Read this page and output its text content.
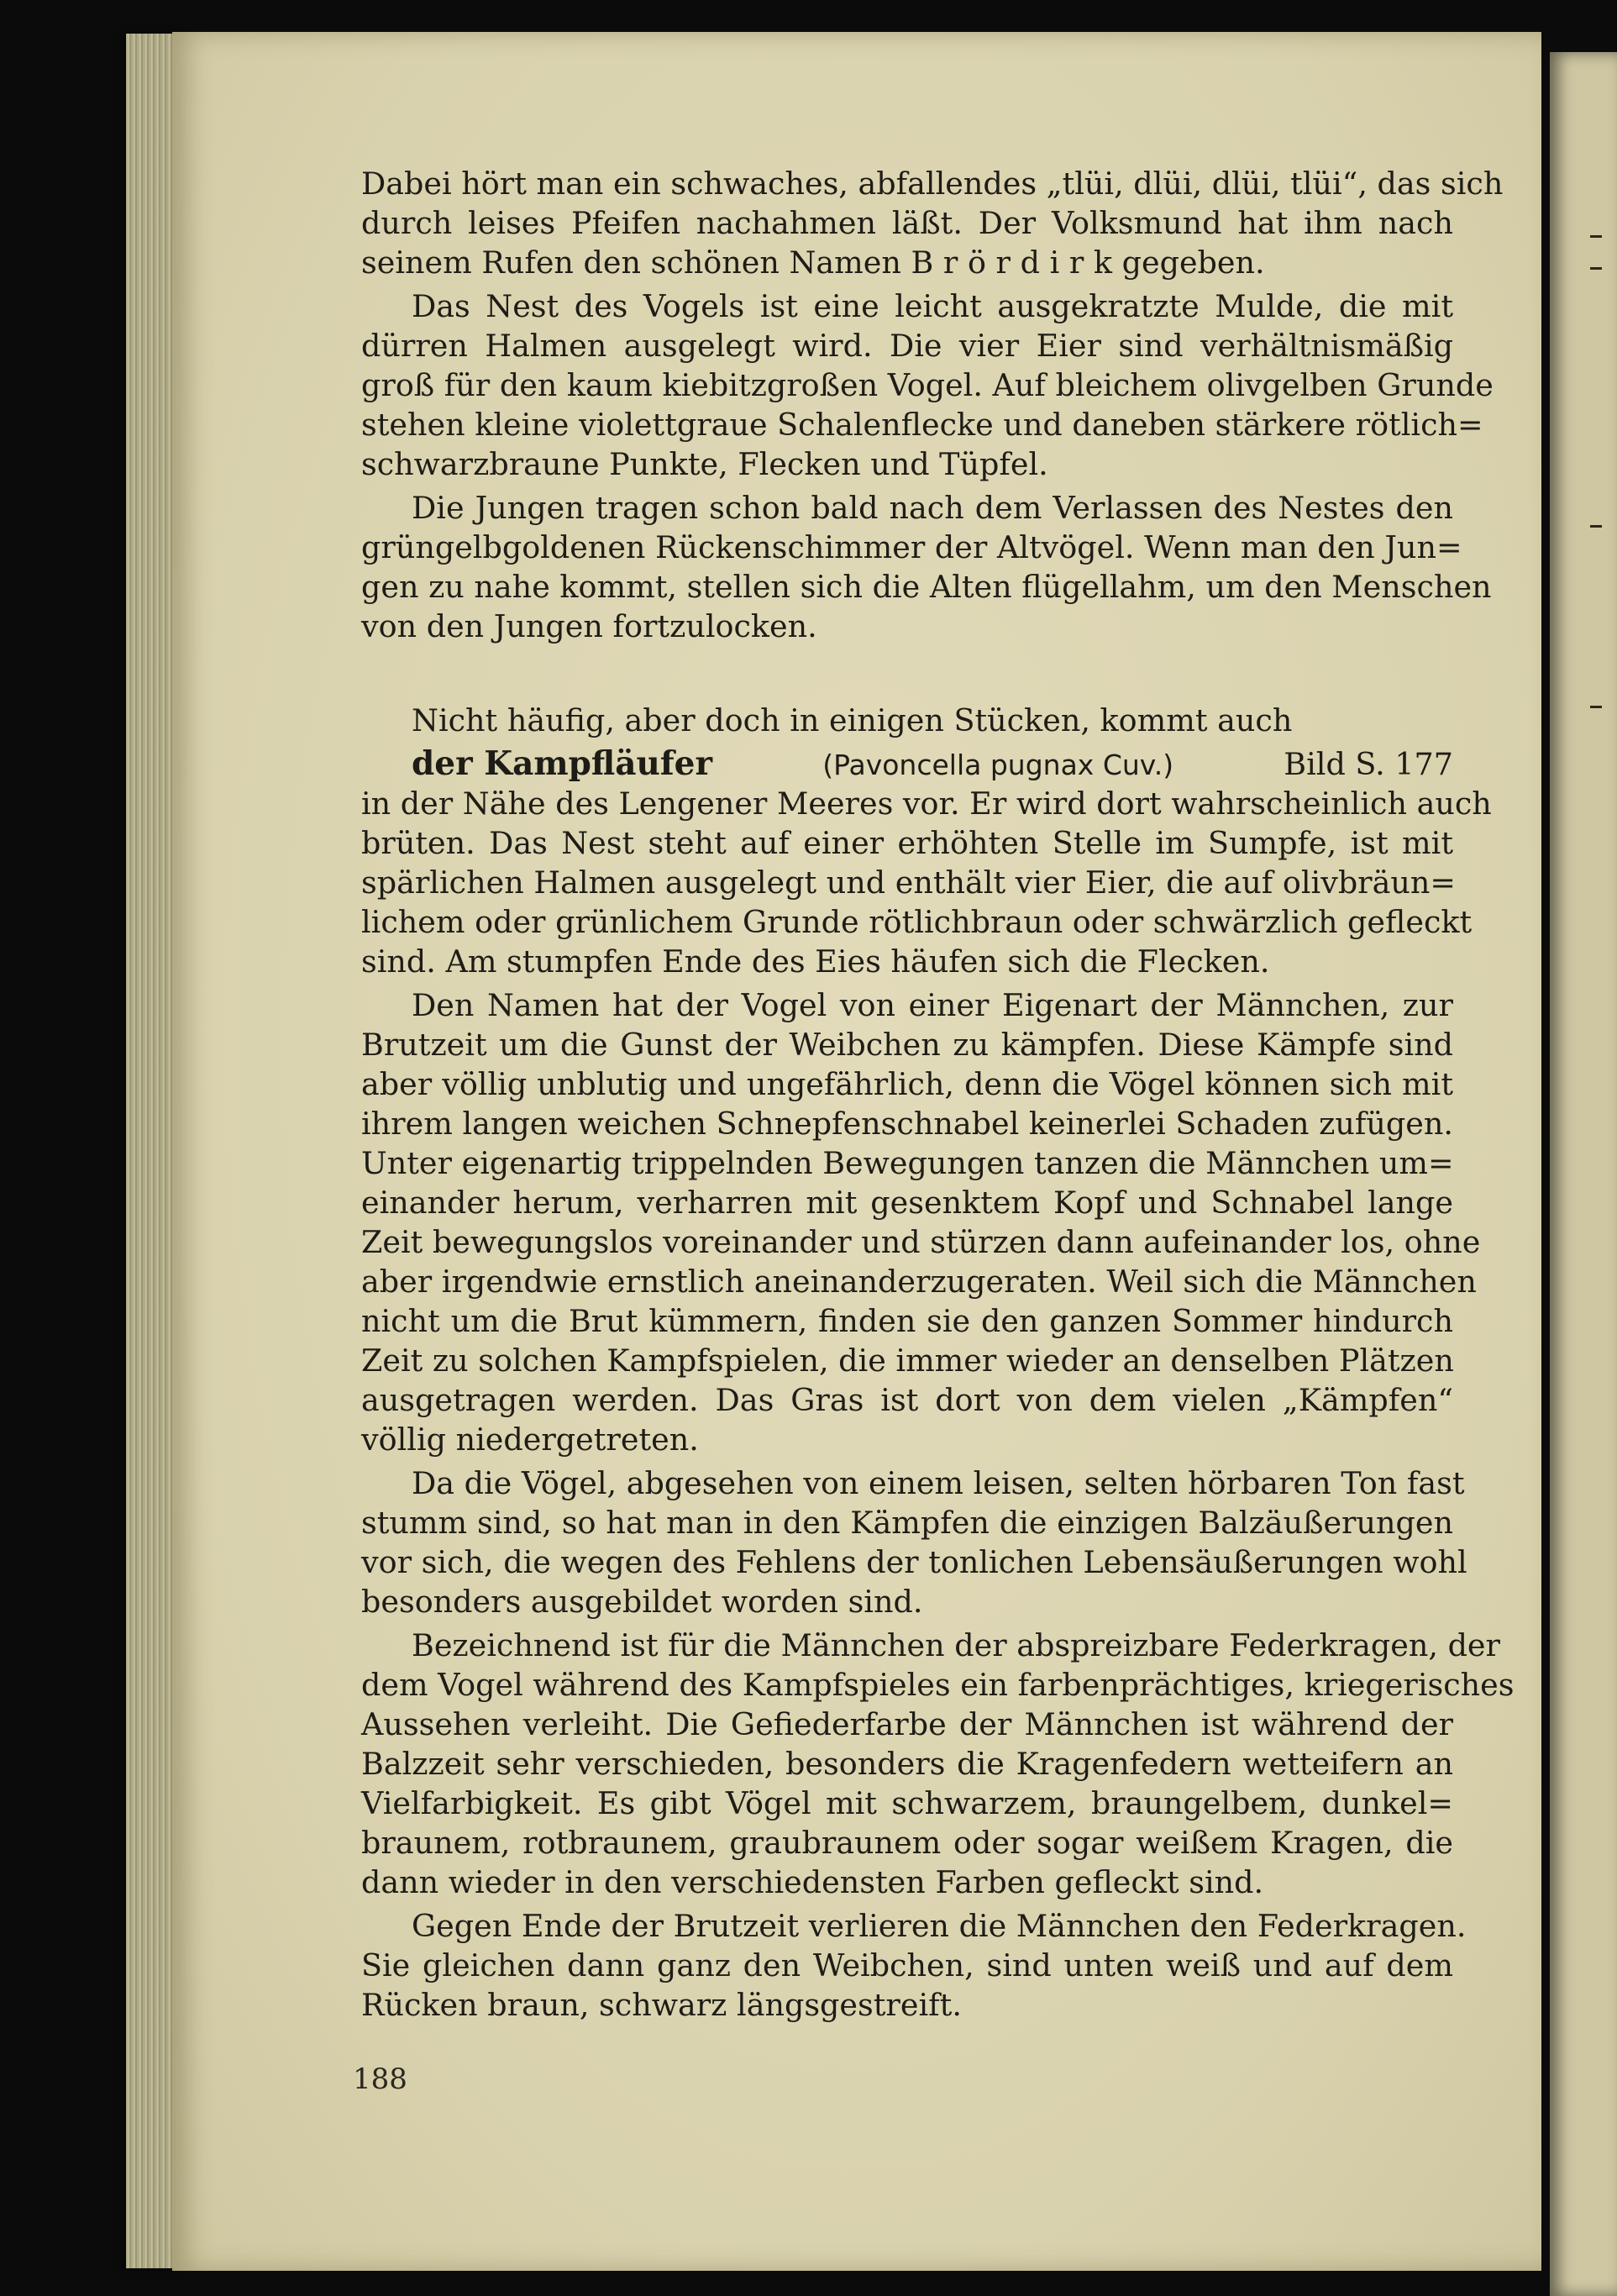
Dabei hört man ein schwaches, abfallendes „tlüi, dlüi, dlüi, tlüi“, das sich
durch leises Pfeifen nachahmen läßt. Der Volksmund hat ihm nach
seinem Rufen den schönen Namen B r ö r d i r k gegeben.
Das Nest des Vogels ist eine leicht ausgekratzte Mulde, die mit
dürren Halmen ausgelegt wird. Die vier Eier sind verhältnismäßig
groß für den kaum kiebitzgroßen Vogel. Auf bleichem olivgelben Grunde
stehen kleine violettgraue Schalenflecke und daneben stärkere rötlich=
schwarzbraune Punkte, Flecken und Tüpfel.
Die Jungen tragen schon bald nach dem Verlassen des Nestes den
grüngelbgoldenen Rückenschimmer der Altvögel. Wenn man den Jun=
gen zu nahe kommt, stellen sich die Alten flügellahm, um den Menschen
von den Jungen fortzulocken.
Nicht häufig, aber doch in einigen Stücken, kommt auch
der Kampfläufer	(Pavoncella pugnax Cuv.)	Bild S. 177
in der Nähe des Lengener Meeres vor. Er wird dort wahrscheinlich auch
brüten. Das Nest steht auf einer erhöhten Stelle im Sumpfe, ist mit
spärlichen Halmen ausgelegt und enthält vier Eier, die auf olivbräun=
lichem oder grünlichem Grunde rötlichbraun oder schwärzlich gefleckt
sind. Am stumpfen Ende des Eies häufen sich die Flecken.
Den Namen hat der Vogel von einer Eigenart der Männchen, zur
Brutzeit um die Gunst der Weibchen zu kämpfen. Diese Kämpfe sind
aber völlig unblutig und ungefährlich, denn die Vögel können sich mit
ihrem langen weichen Schnepfenschnabel keinerlei Schaden zufügen.
Unter eigenartig trippelnden Bewegungen tanzen die Männchen um=
einander herum, verharren mit gesenktem Kopf und Schnabel lange
Zeit bewegungslos voreinander und stürzen dann aufeinander los, ohne
aber irgendwie ernstlich aneinanderzugeraten. Weil sich die Männchen
nicht um die Brut kümmern, finden sie den ganzen Sommer hindurch
Zeit zu solchen Kampfspielen, die immer wieder an denselben Plätzen
ausgetragen werden. Das Gras ist dort von dem vielen „Kämpfen“
völlig niedergetreten.
Da die Vögel, abgesehen von einem leisen, selten hörbaren Ton fast
stumm sind, so hat man in den Kämpfen die einzigen Balzäußerungen
vor sich, die wegen des Fehlens der tonlichen Lebensäußerungen wohl
besonders ausgebildet worden sind.
Bezeichnend ist für die Männchen der abspreizbare Federkragen, der
dem Vogel während des Kampfspieles ein farbenprächtiges, kriegerisches
Aussehen verleiht. Die Gefiederfarbe der Männchen ist während der
Balzzeit sehr verschieden, besonders die Kragenfedern wetteifern an
Vielfarbigkeit. Es gibt Vögel mit schwarzem, braungelbem, dunkel=
braunem, rotbraunem, graubraunem oder sogar weißem Kragen, die
dann wieder in den verschiedensten Farben gefleckt sind.
Gegen Ende der Brutzeit verlieren die Männchen den Federkragen.
Sie gleichen dann ganz den Weibchen, sind unten weiß und auf dem
Rücken braun, schwarz längsgestreift.
188
